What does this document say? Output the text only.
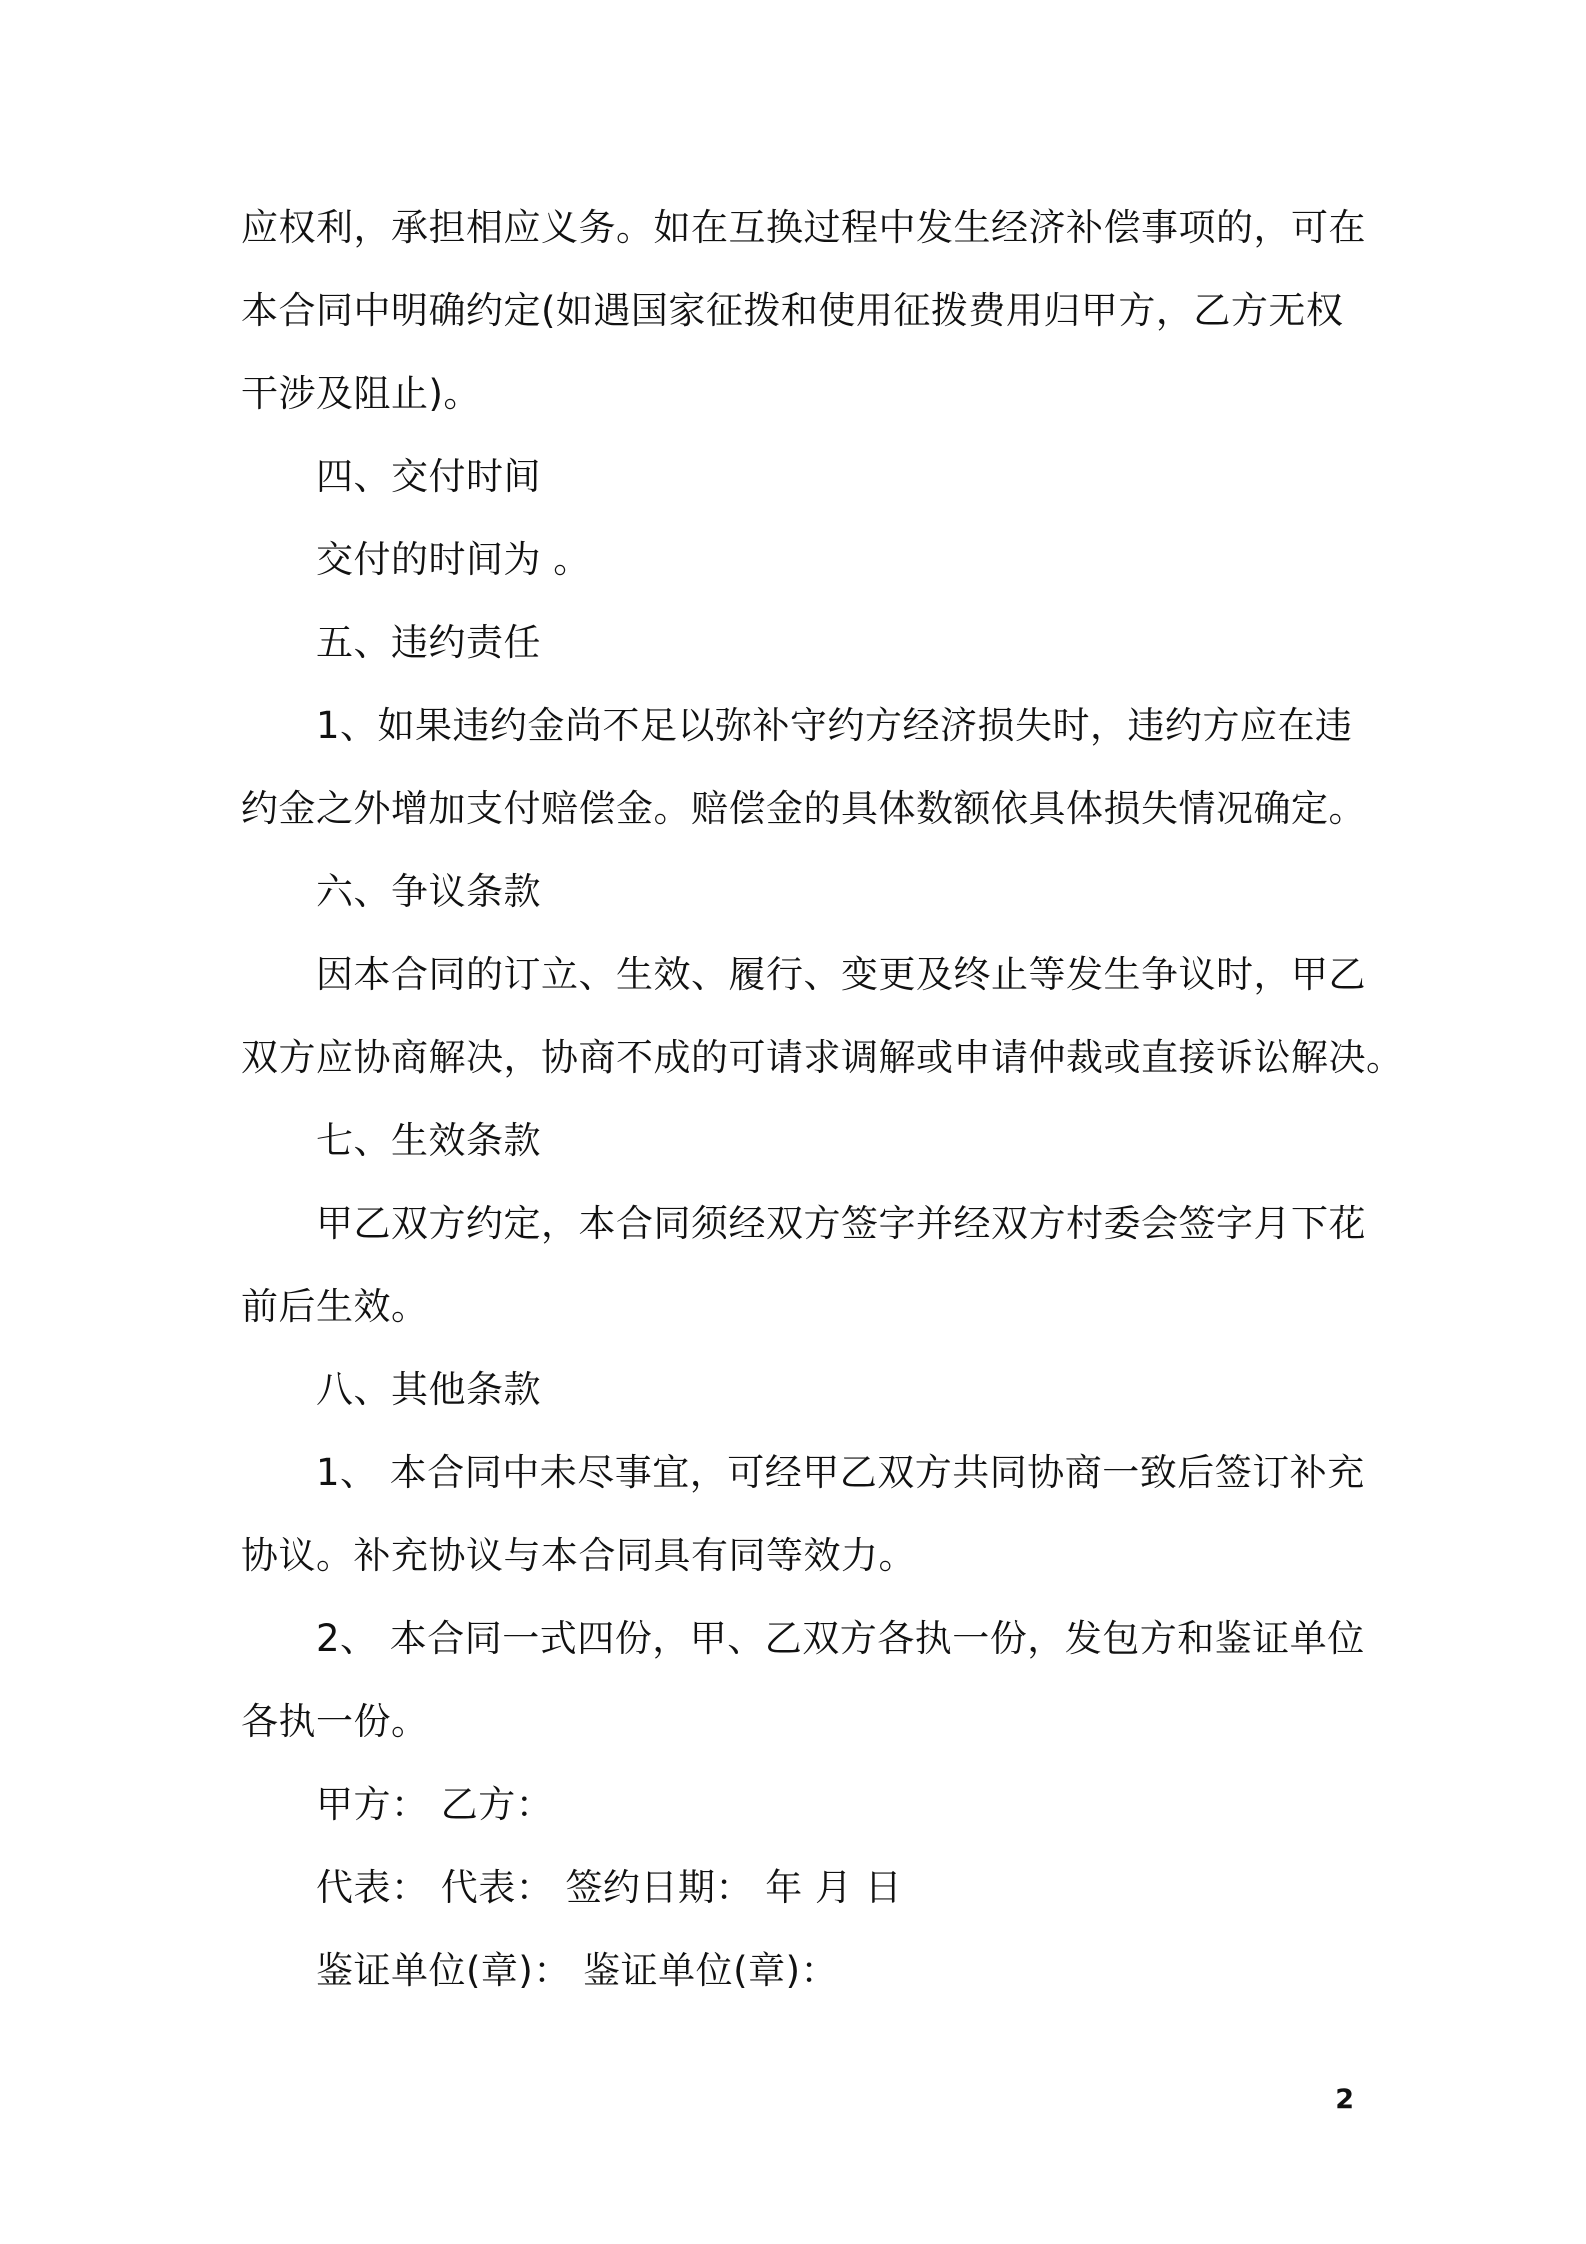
应权利，承担相应义务。如在互换过程中发生经济补偿事项的，可在
本合同中明确约定(如遇国家征拨和使用征拨费用归甲方，乙方无权
干涉及阻止)。
四、交付时间
交付的时间为 。
五、违约责任
1、如果违约金尚不足以弥补守约方经济损失时，违约方应在违
约金之外增加支付赔偿金。赔偿金的具体数额依具体损失情况确定。
六、争议条款
因本合同的订立、生效、履行、变更及终止等发生争议时，甲乙
双方应协商解决，协商不成的可请求调解或申请仲裁或直接诉讼解决。
七、生效条款
甲乙双方约定，本合同须经双方签字并经双方村委会签字月下花
前后生效。
八、其他条款
1、 本合同中未尽事宜，可经甲乙双方共同协商一致后签订补充
协议。补充协议与本合同具有同等效力。
2、 本合同一式四份，甲、乙双方各执一份，发包方和鉴证单位
各执一份。
甲方： 乙方：
代表： 代表： 签约日期： 年 月 日
鉴证单位(章)： 鉴证单位(章)：
2
